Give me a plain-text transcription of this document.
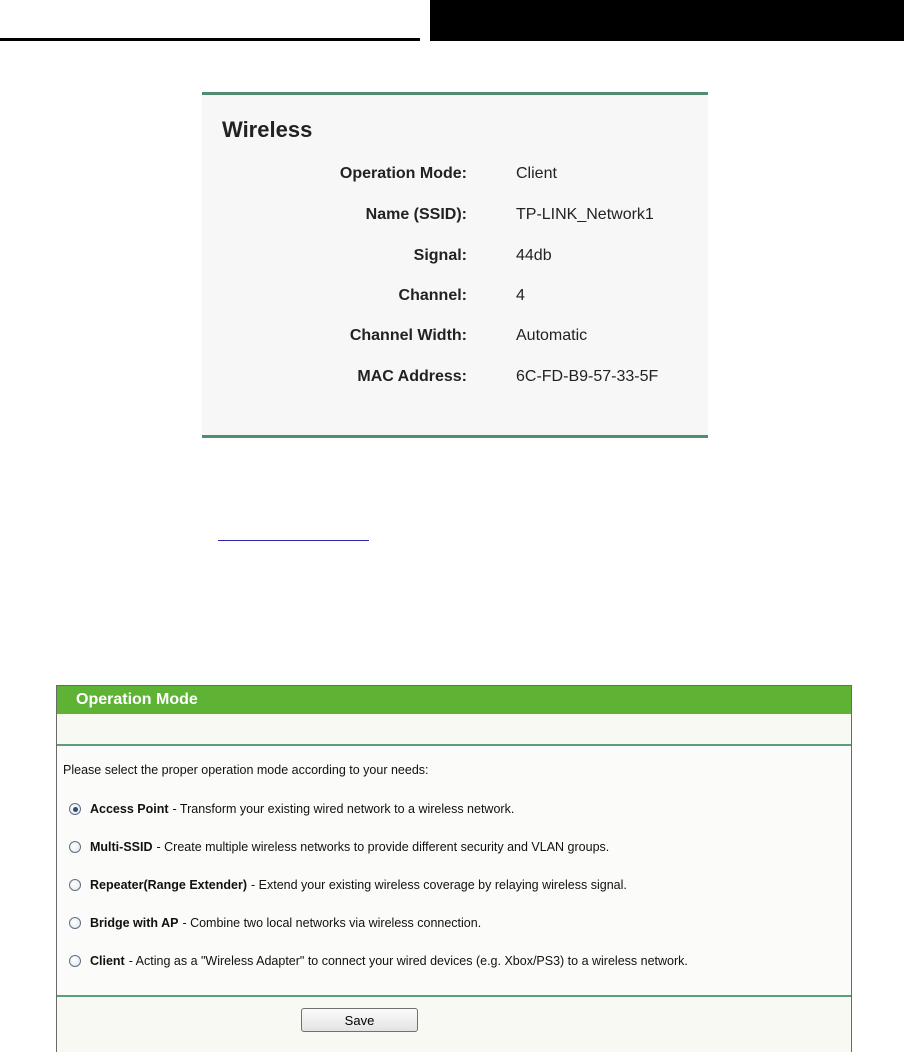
Wireless
Operation Mode:	Client
Name (SSID):	TP-LINK_Network1
Signal:	44db
Channel:	4
Channel Width:	Automatic
MAC Address:	6C-FD-B9-57-33-5F
Operation Mode
Please select the proper operation mode according to your needs:
Access Point - Transform your existing wired network to a wireless network.
Multi-SSID - Create multiple wireless networks to provide different security and VLAN groups.
Repeater(Range Extender) - Extend your existing wireless coverage by relaying wireless signal.
Bridge with AP - Combine two local networks via wireless connection.
Client - Acting as a "Wireless Adapter" to connect your wired devices (e.g. Xbox/PS3) to a wireless network.
Save
